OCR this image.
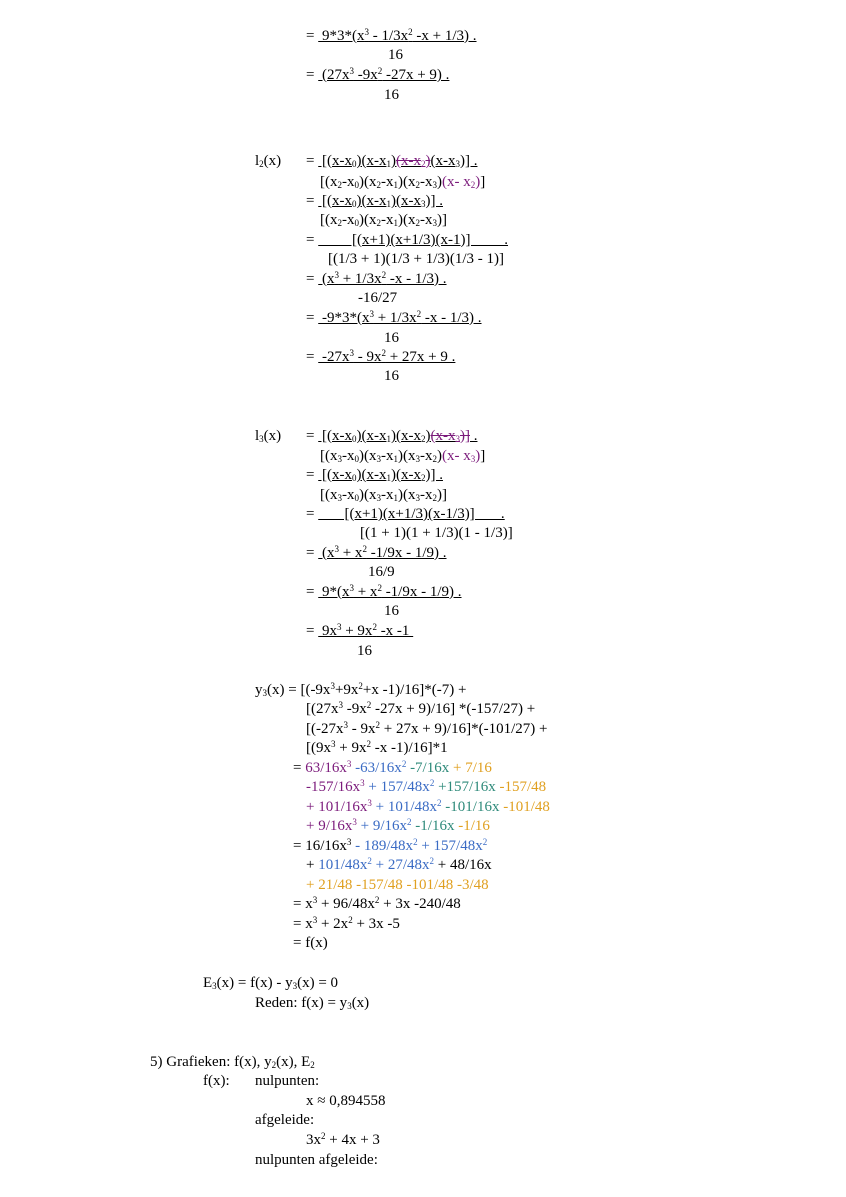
=  $9*3*(x^3 - 1/3x^2$ -x + 1/3) .
16
=  ($27x^3$ $-9x^2$ -27x + 9) .
16
$l_2(x) = [(x-x_0)(x-x_1)(x-x_2)(x-x_3)]$ .
[$(x_2-x_0)(x_2-x_1)(x_2-x_3)(x-$ $x_2$)]
=  $[(x-x_0)(x-x_1)(x-x_3)]$ .
$[(x_2-x_0)(x_2-x_1)(x_2-x_3)]$
=          [(x+1)(x+1/3)(x-1)]         .
[(1/3 + 1)(1/3 + 1/3)(1/3 - 1)]
=  ($x^3 + 1/3x^2$ -x - 1/3) .
-16/27
=  $-9*3*(x^3 + 1/3x^2$ -x - 1/3) .
16
=  $-27x^3 - 9x^2 + 27x + 9$ .
16
$l_3(x) = [(x-x_0)(x-x_1)(x-x_2)(x-x_3)]$ .
[$(x_3-x_0)(x_3-x_1)(x_3-x_2)(x-$ $x_3$)]
=  $[(x-x_0)(x-x_1)(x-x_2)]$ .
$[(x_3-x_0)(x_3-x_1)(x_3-x_2)]$
=        [(x+1)(x+1/3)(x-1/3)]       .
[(1 + 1)(1 + 1/3)(1 - 1/3)]
=  ($x^3 + x^2$ -1/9x - 1/9) .
16/9
=  $9*(x^3 + x^2$ -1/9x - 1/9) .
16
=  $9x^3 + 9x^2$ -x -1
16
$y_3(x) = [(-9x^3+9x^2+x$ -1)/16]*(-7) +
[($27x^3$ $-9x^2$ -27x + 9)/16] *(-157/27) +
$[(-27x^3 - 9x^2 + 27x + 9)/16]*(-101/27)$ +
[($9x^3 + 9x^2$ -x -1)/16]*1
= $63/16x^3$ $-63/16x^2$ -7/16x + 7/16
$-157/16x^3 + 157/48x^2 +157/16x$ -157/48
+ $101/16x^3 + 101/48x^2$ -101/16x -101/48
+ $9/16x^3 + 9/16x^2$ -1/16x -1/16
= $16/16x^3 - 189/48x^2 + 157/48x^2$
+ $101/48x^2 + 27/48x^2 + 48/16x$
+ 21/48 -157/48 -101/48 -3/48
= $x^3 + 96/48x^2 + 3x$ -240/48
= $x^3 + 2x^2 + 3x$ -5
= f(x)
$E_3(x) = f(x) - y_3(x) = 0$
Reden: $f(x) = y_3(x)$
5) Grafieken: f(x), $y_2(x)$, $E_2$
f(x): nulpunten:
x ≈ 0,894558
afgeleide:
$3x^2 + 4x + 3$
nulpunten afgeleide:
